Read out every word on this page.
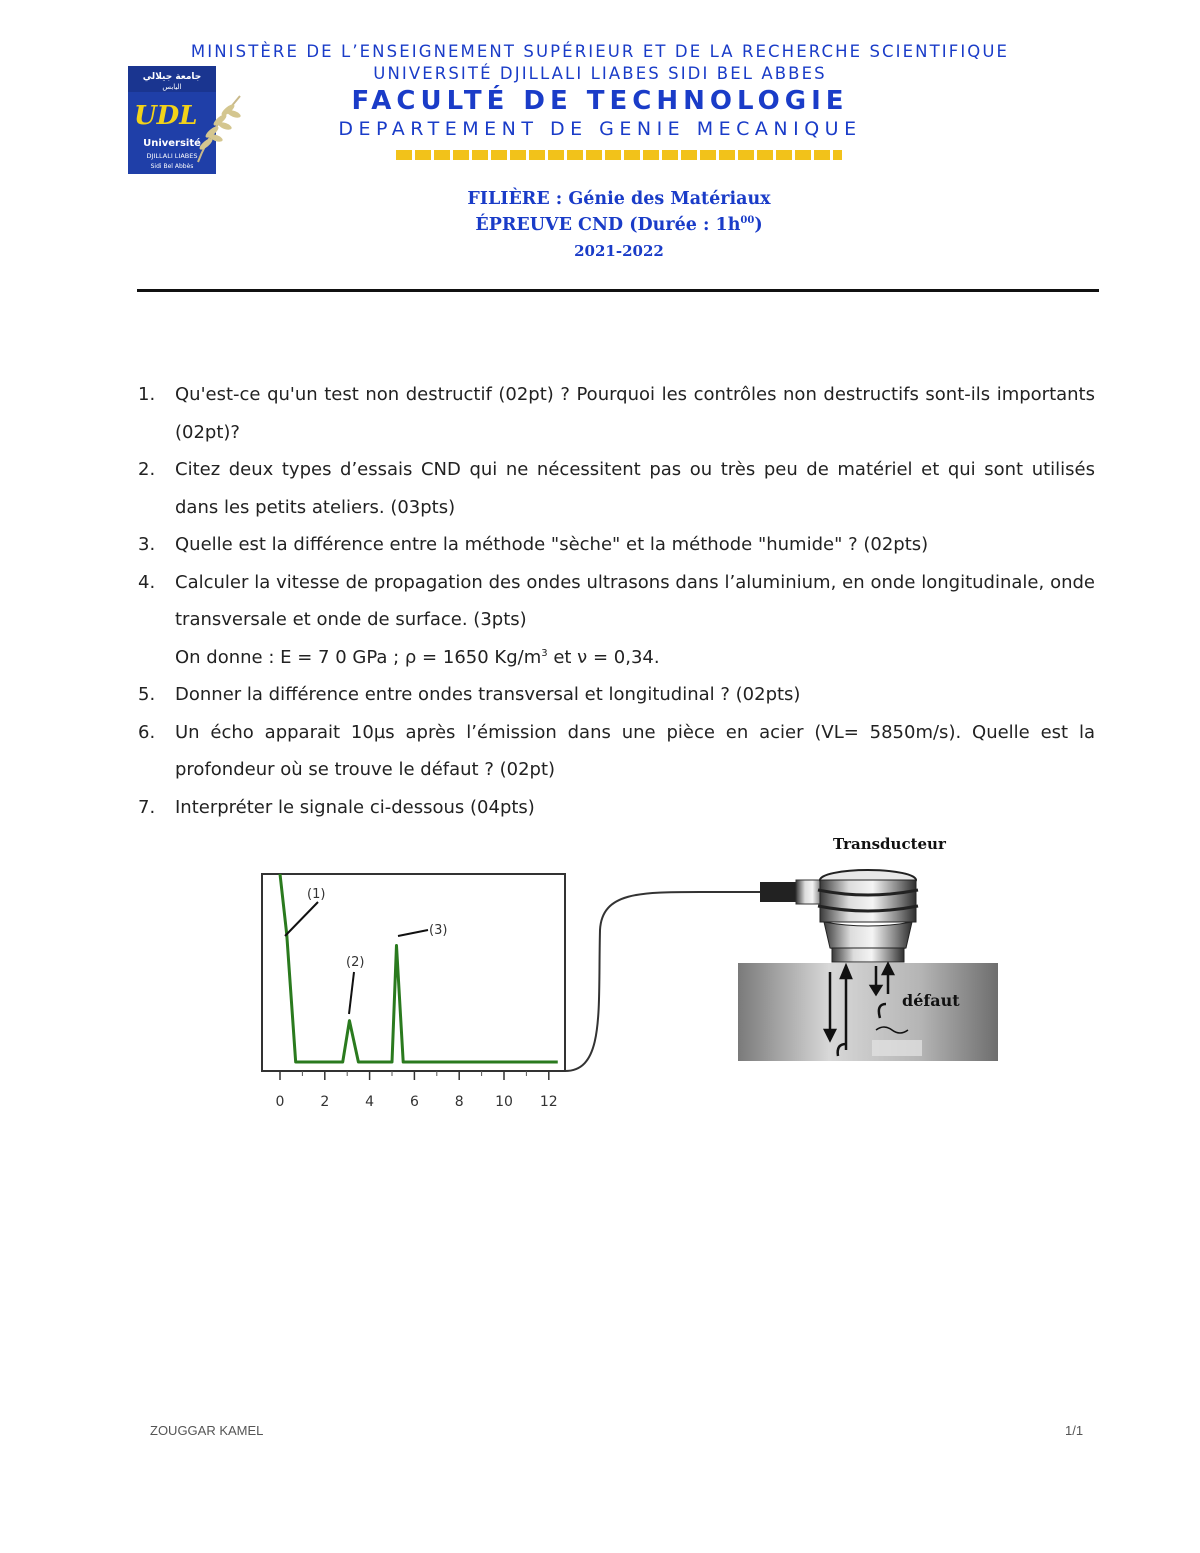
MINISTÈRE DE L’ENSEIGNEMENT SUPÉRIEUR ET DE LA RECHERCHE SCIENTIFIQUE
UNIVERSITÉ DJILLALI LIABES SIDI BEL ABBES
FACULTÉ DE TECHNOLOGIE
DEPARTEMENT DE GENIE MECANIQUE
جامعة جيلالي
اليابس
UDL
Université
DJILLALI LIABES
Sidi Bel Abbès
FILIÈRE : Génie des Matériaux
ÉPREUVE CND (Durée : $1h^{00}$)
2021-2022
1. Qu'est-ce qu'un test non destructif (02pt) ? Pourquoi les contrôles non destructifs sont-ils importants (02pt)?
2. Citez deux types d’essais CND qui ne nécessitent pas ou très peu de matériel et qui sont utilisés dans les petits ateliers. (03pts)
3. Quelle est la différence entre la méthode "sèche" et la méthode "humide" ? (02pts)
4. Calculer la vitesse de propagation des ondes ultrasons dans l’aluminium, en onde longitudinale, onde transversale et onde de surface. (3pts)
On donne : E = 7 0 GPa ; ρ = 1650 $Kg/m^3$ et ν = 0,34.
5. Donner la différence entre ondes transversal et longitudinal ? (02pts)
6. Un écho apparait 10µs après l’émission dans une pièce en acier (VL= 5850m/s). Quelle est la profondeur où se trouve le défaut ? (02pt)
7. Interpréter le signale ci-dessous (04pts)
0	2	4	6	8 10 12
(1)
(2)
(3)
Transducteur
défaut
ZOUGGAR KAMEL	1/1
